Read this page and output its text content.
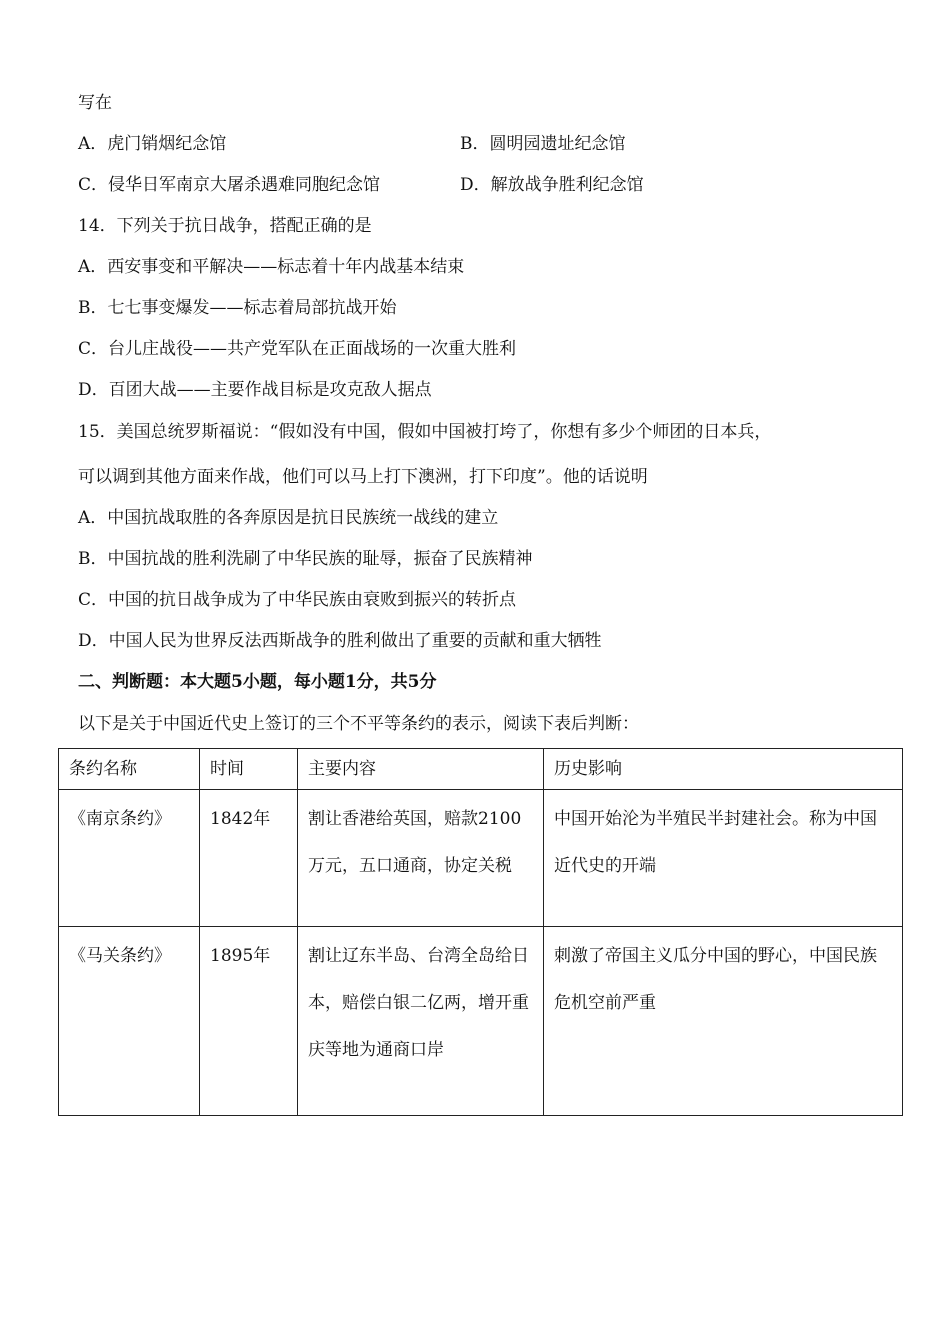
写在
A．虎门销烟纪念馆	B．圆明园遗址纪念馆
C．侵华日军南京大屠杀遇难同胞纪念馆	D．解放战争胜利纪念馆
14．下列关于抗日战争，搭配正确的是
A．西安事变和平解决——标志着十年内战基本结束
B．七七事变爆发——标志着局部抗战开始
C．台儿庄战役——共产党军队在正面战场的一次重大胜利
D．百团大战——主要作战目标是攻克敌人据点
15．美国总统罗斯福说：“假如没有中国，假如中国被打垮了，你想有多少个师团的日本兵，
可以调到其他方面来作战，他们可以马上打下澳洲，打下印度”。他的话说明
A．中国抗战取胜的各奔原因是抗日民族统一战线的建立
B．中国抗战的胜利洗刷了中华民族的耻辱，振奋了民族精神
C．中国的抗日战争成为了中华民族由衰败到振兴的转折点
D．中国人民为世界反法西斯战争的胜利做出了重要的贡献和重大牺牲
二、判断题：本大题5小题，每小题1分，共5分
以下是关于中国近代史上签订的三个不平等条约的表示，阅读下表后判断：
条约名称	时间	主要内容	历史影响
《南京条约》	1842年	割让香港给英国，赔款2100万元，五口通商，协定关税	中国开始沦为半殖民半封建社会。称为中国近代史的开端
《马关条约》	1895年	割让辽东半岛、台湾全岛给日本，赔偿白银二亿两，增开重庆等地为通商口岸	刺激了帝国主义瓜分中国的野心，中国民族危机空前严重
